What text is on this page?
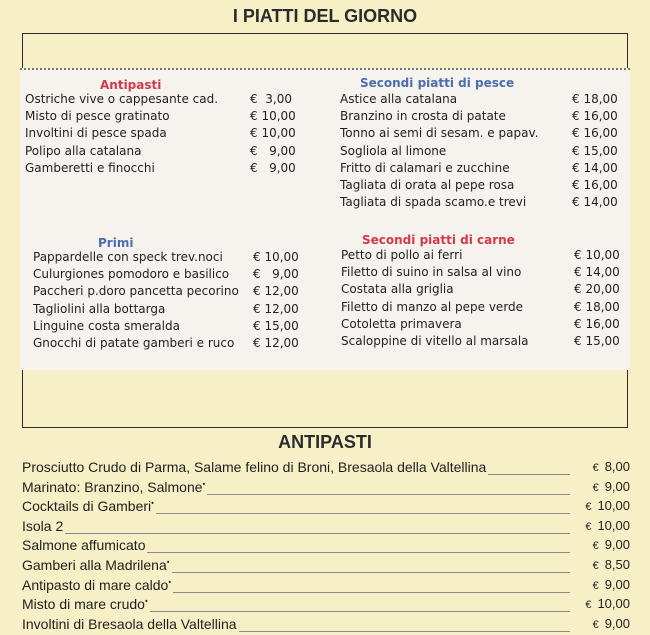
I PIATTI DEL GIORNO
Antipasti	Secondi piatti di pesce
Primi	Secondi piatti di carne
Ostriche vive o cappesante cad.	€  3,00
Misto di pesce gratinato	€ 10,00
Involtini di pesce spada	€ 10,00
Polipo alla catalana	€   9,00
Gamberetti e finocchi	€   9,00
Pappardelle con speck trev.noci	€ 10,00
Culurgiones pomodoro e basilico	€   9,00
Paccheri p.doro pancetta pecorino	€ 12,00
Tagliolini alla bottarga	€ 12,00
Linguine costa smeralda	€ 15,00
Gnocchi di patate gamberi e ruco	€ 12,00
Astice alla catalana	€ 18,00
Branzino in crosta di patate	€ 16,00
Tonno ai semi di sesam. e papav.	€ 16,00
Sogliola al limone	€ 15,00
Fritto di calamari e zucchine	€ 14,00
Tagliata di orata al pepe rosa	€ 16,00
Tagliata di spada scamo.e trevi	€ 14,00
Petto di pollo ai ferri	€ 10,00
Filetto di suino in salsa al vino	€ 14,00
Costata alla griglia	€ 20,00
Filetto di manzo al pepe verde	€ 18,00
Cotoletta primavera	€ 16,00
Scaloppine di vitello al marsala	€ 15,00
ANTIPASTI
Prosciutto Crudo di Parma, Salame felino di Broni, Bresaola della Valtellina	€ 8,00
Marinato: Branzino, Salmone•	€ 9,00
Cocktails di Gamberi•	€ 10,00
Isola 2	€ 10,00
Salmone affumicato	€ 9,00
Gamberi alla Madrilena•	€ 8,50
Antipasto di mare caldo•	€ 9,00
Misto di mare crudo•	€ 10,00
Involtini di Bresaola della Valtellina	€ 9,00
